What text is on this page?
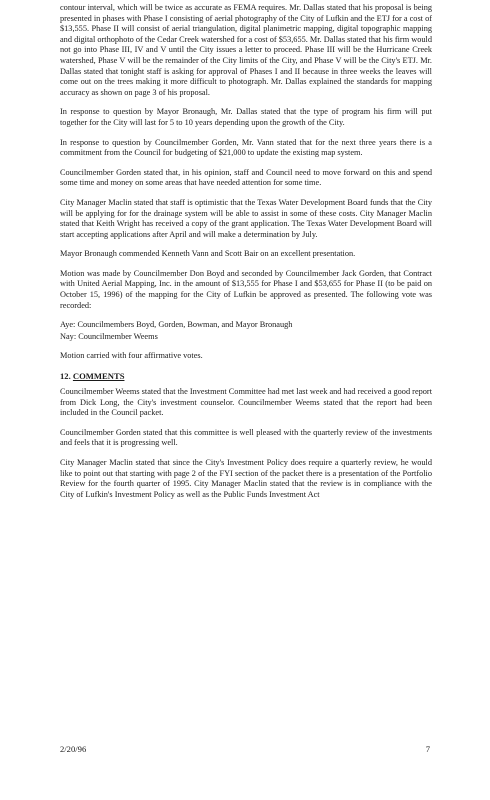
contour interval, which will be twice as accurate as FEMA requires. Mr. Dallas stated that his proposal is being presented in phases with Phase I consisting of aerial photography of the City of Lufkin and the ETJ for a cost of $13,555. Phase II will consist of aerial triangulation, digital planimetric mapping, digital topographic mapping and digital orthophoto of the Cedar Creek watershed for a cost of $53,655. Mr. Dallas stated that his firm would not go into Phase III, IV and V until the City issues a letter to proceed. Phase III will be the Hurricane Creek watershed, Phase V will be the remainder of the City limits of the City, and Phase V will be the City's ETJ. Mr. Dallas stated that tonight staff is asking for approval of Phases I and II because in three weeks the leaves will come out on the trees making it more difficult to photograph. Mr. Dallas explained the standards for mapping accuracy as shown on page 3 of his proposal.

In response to question by Mayor Bronaugh, Mr. Dallas stated that the type of program his firm will put together for the City will last for 5 to 10 years depending upon the growth of the City.

In response to question by Councilmember Gorden, Mr. Vann stated that for the next three years there is a commitment from the Council for budgeting of $21,000 to update the existing map system.

Councilmember Gorden stated that, in his opinion, staff and Council need to move forward on this and spend some time and money on some areas that have needed attention for some time.

City Manager Maclin stated that staff is optimistic that the Texas Water Development Board funds that the City will be applying for for the drainage system will be able to assist in some of these costs. City Manager Maclin stated that Keith Wright has received a copy of the grant application. The Texas Water Development Board will start accepting applications after April and will make a determination by July.

Mayor Bronaugh commended Kenneth Vann and Scott Bair on an excellent presentation.

Motion was made by Councilmember Don Boyd and seconded by Councilmember Jack Gorden, that Contract with United Aerial Mapping, Inc. in the amount of $13,555 for Phase I and $53,655 for Phase II (to be paid on October 15, 1996) of the mapping for the City of Lufkin be approved as presented. The following vote was recorded:

Aye: Councilmembers Boyd, Gorden, Bowman, and Mayor Bronaugh

Nay: Councilmember Weems

Motion carried with four affirmative votes.

12. COMMENTS

Councilmember Weems stated that the Investment Committee had met last week and had received a good report from Dick Long, the City's investment counselor. Councilmember Weems stated that the report had been included in the Council packet.

Councilmember Gorden stated that this committee is well pleased with the quarterly review of the investments and feels that it is progressing well.

City Manager Maclin stated that since the City's Investment Policy does require a quarterly review, he would like to point out that starting with page 2 of the FYI section of the packet there is a presentation of the Portfolio Review for the fourth quarter of 1995. City Manager Maclin stated that the review is in compliance with the City of Lufkin's Investment Policy as well as the Public Funds Investment Act

2/20/96	7
